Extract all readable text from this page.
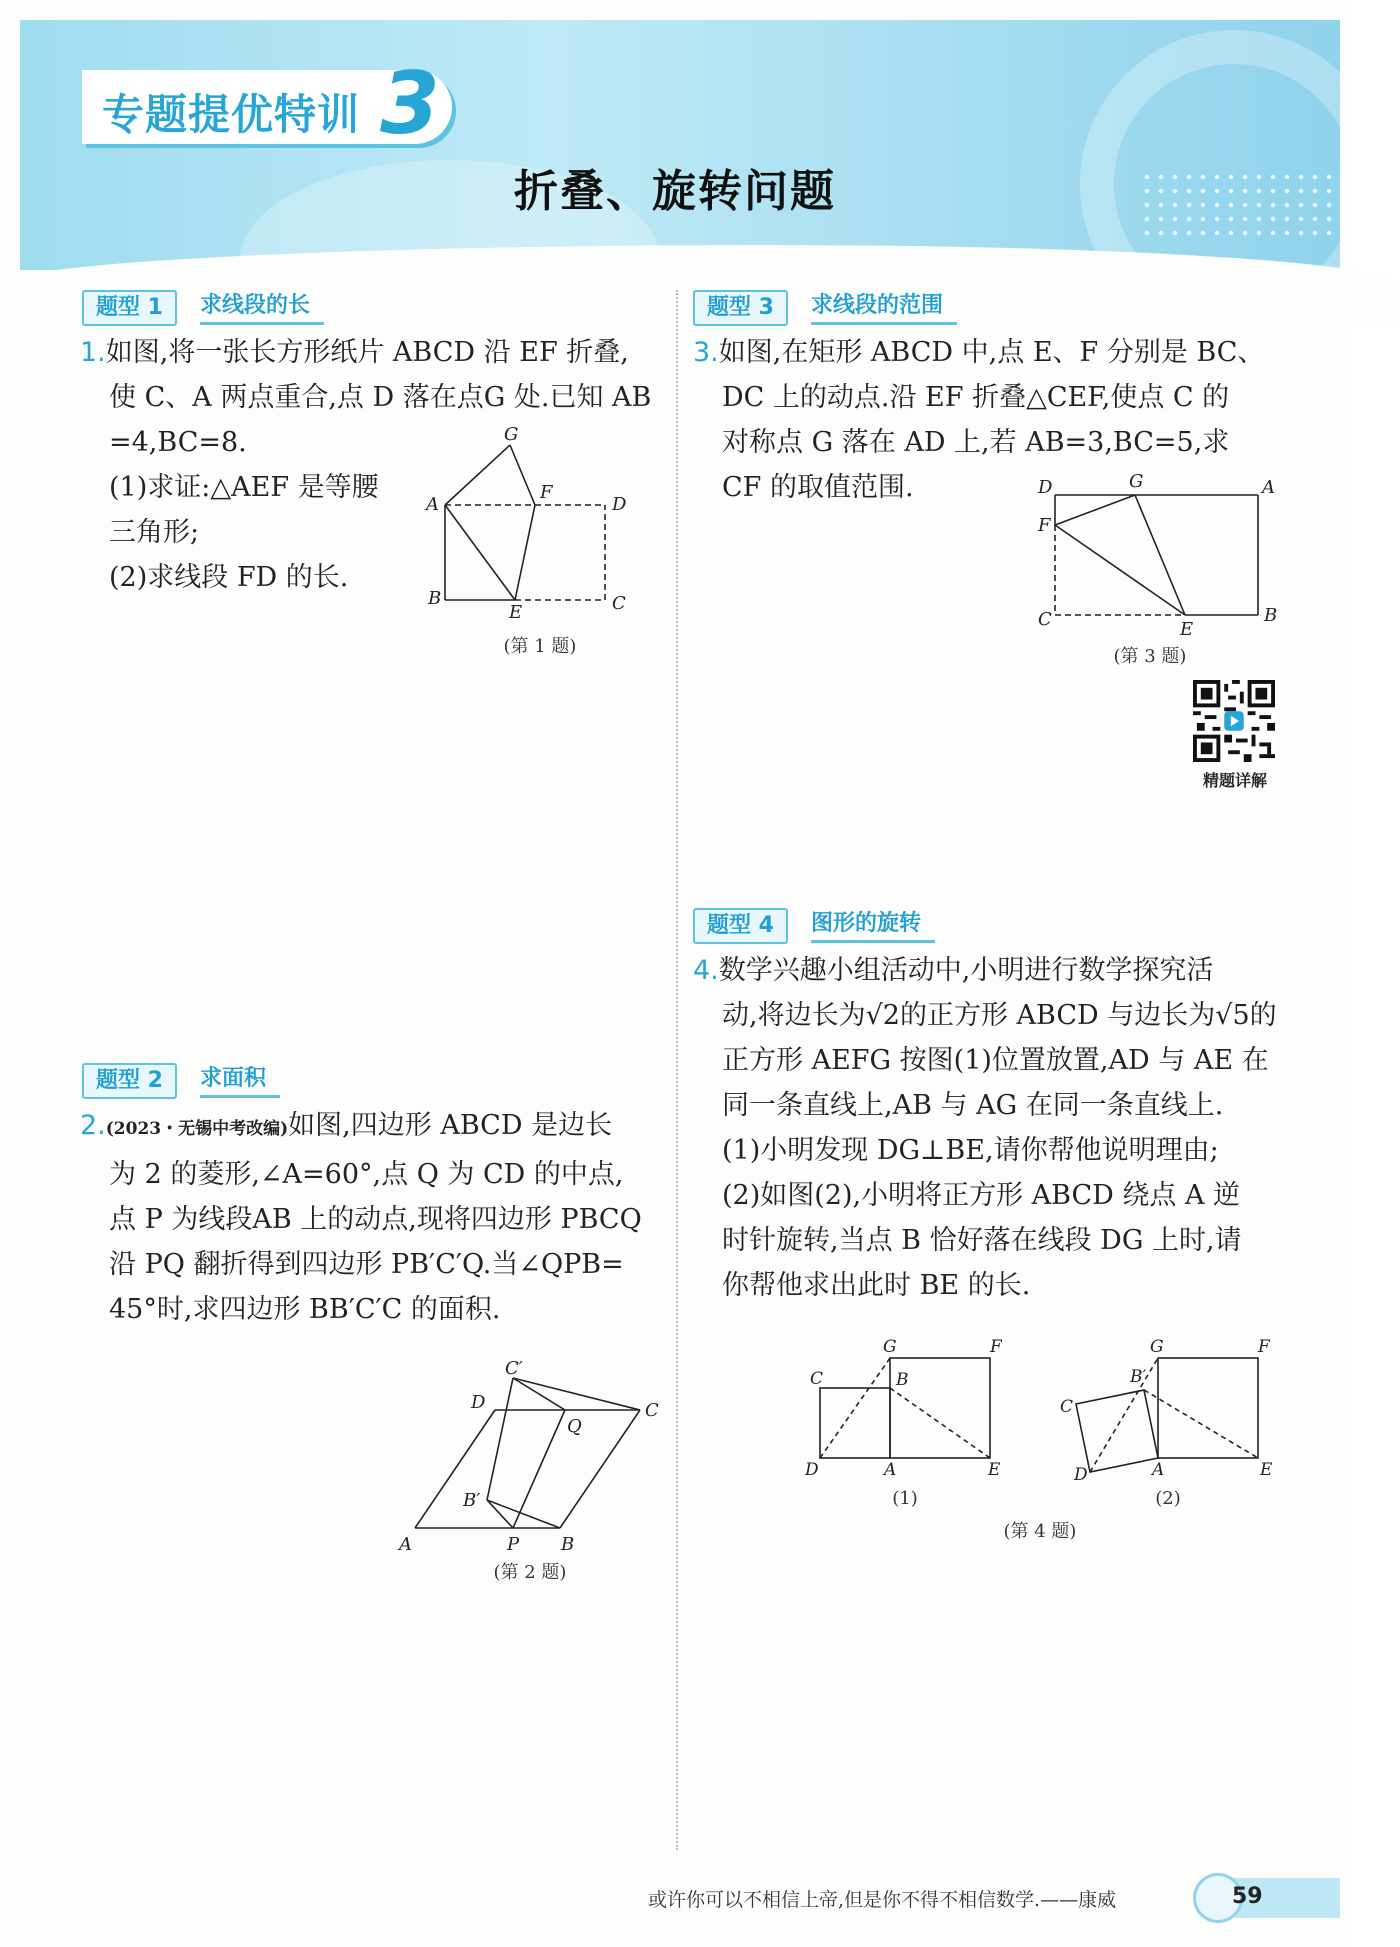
专题提优特训 3
折叠、旋转问题
题型 1	求线段的长
1.如图,将一张长方形纸片 ABCD 沿 EF 折叠,
使 C、A 两点重合,点 D 落在点G 处.已知 AB
=4,BC=8.
(1)求证:△AEF 是等腰
三角形;
(2)求线段 FD 的长.
G
A
F
D
B
E	C
(第 1 题)
题型 2	求面积
2.(2023・无锡中考改编)如图,四边形 ABCD 是边长
为 2 的菱形,∠A=60°,点 Q 为 CD 的中点,
点 P 为线段AB 上的动点,现将四边形 PBCQ
沿 PQ 翻折得到四边形 PB′C′Q.当∠QPB=
45°时,求四边形 BB′C′C 的面积.
C′
D
Q
C
B′
A	P B
(第 2 题)
题型 3	求线段的范围
3.如图,在矩形 ABCD 中,点 E、F 分别是 BC、
DC 上的动点.沿 EF 折叠△CEF,使点 C 的
对称点 G 落在 AD 上,若 AB=3,BC=5,求
CF 的取值范围.	D	G	A
F
C	E
B
(第 3 题)
精题详解
题型 4	图形的旋转
4.数学兴趣小组活动中,小明进行数学探究活
动,将边长为√2的正方形 ABCD 与边长为√5的
正方形 AEFG 按图(1)位置放置,AD 与 AE 在
同一条直线上,AB 与 AG 在同一条直线上.
(1)小明发现 DG⊥BE,请你帮他说明理由;
(2)如图(2),小明将正方形 ABCD 绕点 A 逆
时针旋转,当点 B 恰好落在线段 DG 上时,请
你帮他求出此时 BE 的长.
G	F
C	B
D	A	E
(1)
G	F
C
B′
D	A	E
(2)
(第 4 题)
或许你可以不相信上帝,但是你不得不相信数学.——康威	59
